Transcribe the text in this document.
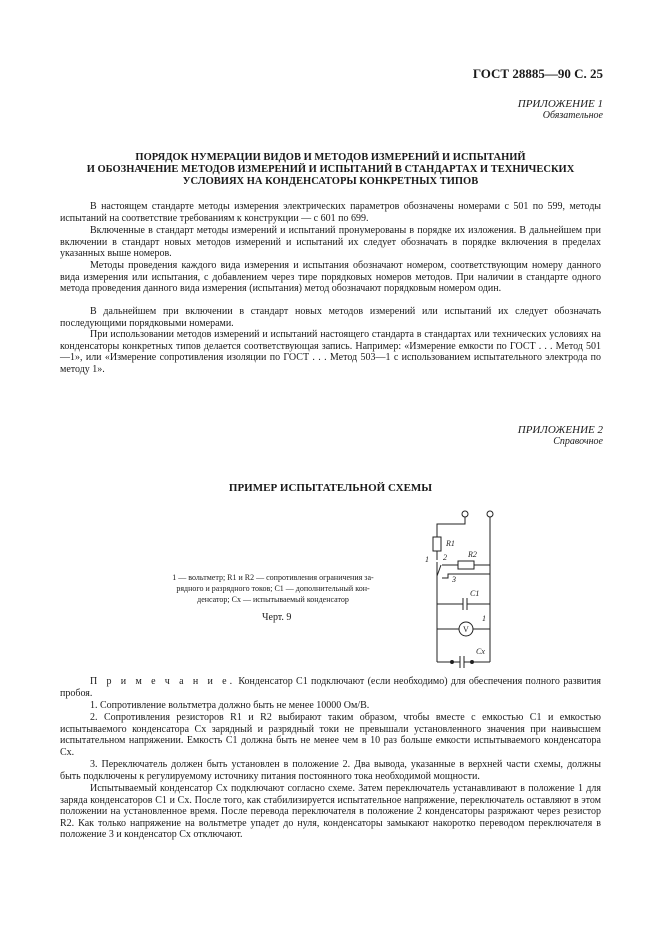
ГОСТ 28885—90 С. 25
ПРИЛОЖЕНИЕ 1
Обязательное
ПОРЯДОК НУМЕРАЦИИ ВИДОВ И МЕТОДОВ ИЗМЕРЕНИЙ И ИСПЫТАНИЙ
И ОБОЗНАЧЕНИЕ МЕТОДОВ ИЗМЕРЕНИЙ И ИСПЫТАНИЙ В СТАНДАРТАХ И ТЕХНИЧЕСКИХ
УСЛОВИЯХ НА КОНДЕНСАТОРЫ КОНКРЕТНЫХ ТИПОВ

В настоящем стандарте методы измерения электрических параметров обозначены номерами с 501 по 599, методы испытаний на соответствие требованиям к конструкции — с 601 по 699.

Включенные в стандарт методы измерений и испытаний пронумерованы в порядке их изложения. В дальнейшем при включении в стандарт новых методов измерений и испытаний их следует обозначать в порядке включения в пределах указанных выше номеров.

Методы проведения каждого вида измерения и испытания обозначают номером, соответствующим номеру данного вида измерения или испытания, с добавлением через тире порядковых номеров методов. При наличии в стандарте одного метода проведения данного вида измерения (испытания) метод обозначают порядковым номером один.

В дальнейшем при включении в стандарт новых методов измерений или испытаний их следует обозначать последующими порядковыми номерами.

При использовании методов измерений и испытаний настоящего стандарта в стандартах или технических условиях на конденсаторы конкретных типов делается соответствующая запись. Например: «Измерение емкости по ГОСТ . . . Метод 501—1», или «Измерение сопротивления изоляции по ГОСТ . . . Метод 503—1 с использованием испытательного электрода по методу 1».

ПРИЛОЖЕНИЕ 2
Справочное
ПРИМЕР ИСПЫТАТЕЛЬНОЙ СХЕМЫ
1 — вольтметр; R1 и R2 — сопротивления ограничения за-
рядного и разрядного токов; C1 — дополнительный кон-
денсатор; Cx — испытываемый конденсатор
Черт. 9
R1
1 2
3
R2
C1
V
1
Cx

П р и м е ч а н и е. Конденсатор C1 подключают (если необходимо) для обеспечения полного развития пробоя.

1. Сопротивление вольтметра должно быть не менее 10000 Ом/В.

2. Сопротивления резисторов R1 и R2 выбирают таким образом, чтобы вместе с емкостью C1 и емкостью испытываемого конденсатора Cx зарядный и разрядный токи не превышали установленного значения при наивысшем испытательном напряжении. Емкость C1 должна быть не менее чем в 10 раз больше емкости испытываемого конденсатора Cx.

3. Переключатель должен быть установлен в положение 2. Два вывода, указанные в верхней части схемы, должны быть подключены к регулируемому источнику питания постоянного тока необходимой мощности.

Испытываемый конденсатор Cx подключают согласно схеме. Затем переключатель устанавливают в положение 1 для заряда конденсаторов C1 и Cx. После того, как стабилизируется испытательное напряжение, переключатель оставляют в этом положении на установленное время. После перевода переключателя в положение 2 конденсаторы разряжают через резистор R2. Как только напряжение на вольтметре упадет до нуля, конденсаторы замыкают накоротко переводом переключателя в положение 3 и конденсатор Cx отключают.
